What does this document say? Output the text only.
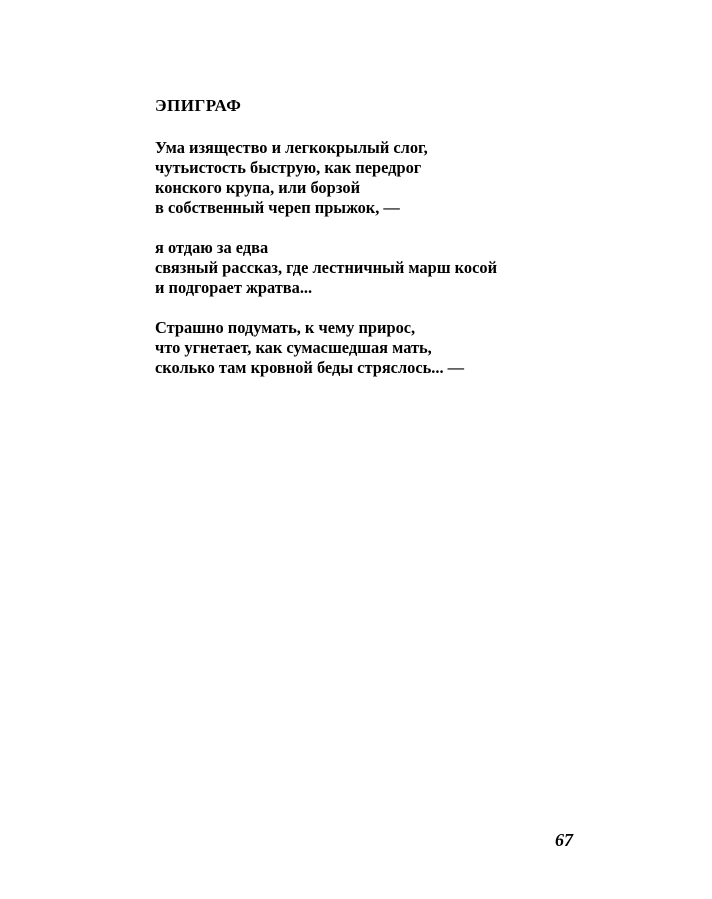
ЭПИГРАФ
Ума изящество и легкокрылый слог,
чутьистость быструю, как передрог
конского крупа, или борзой
в собственный череп прыжок, —
я отдаю за едва
связный рассказ, где лестничный марш косой
и подгорает жратва...
Страшно подумать, к чему прирос,
что угнетает, как сумасшедшая мать,
сколько там кровной беды стряслось... —
67
